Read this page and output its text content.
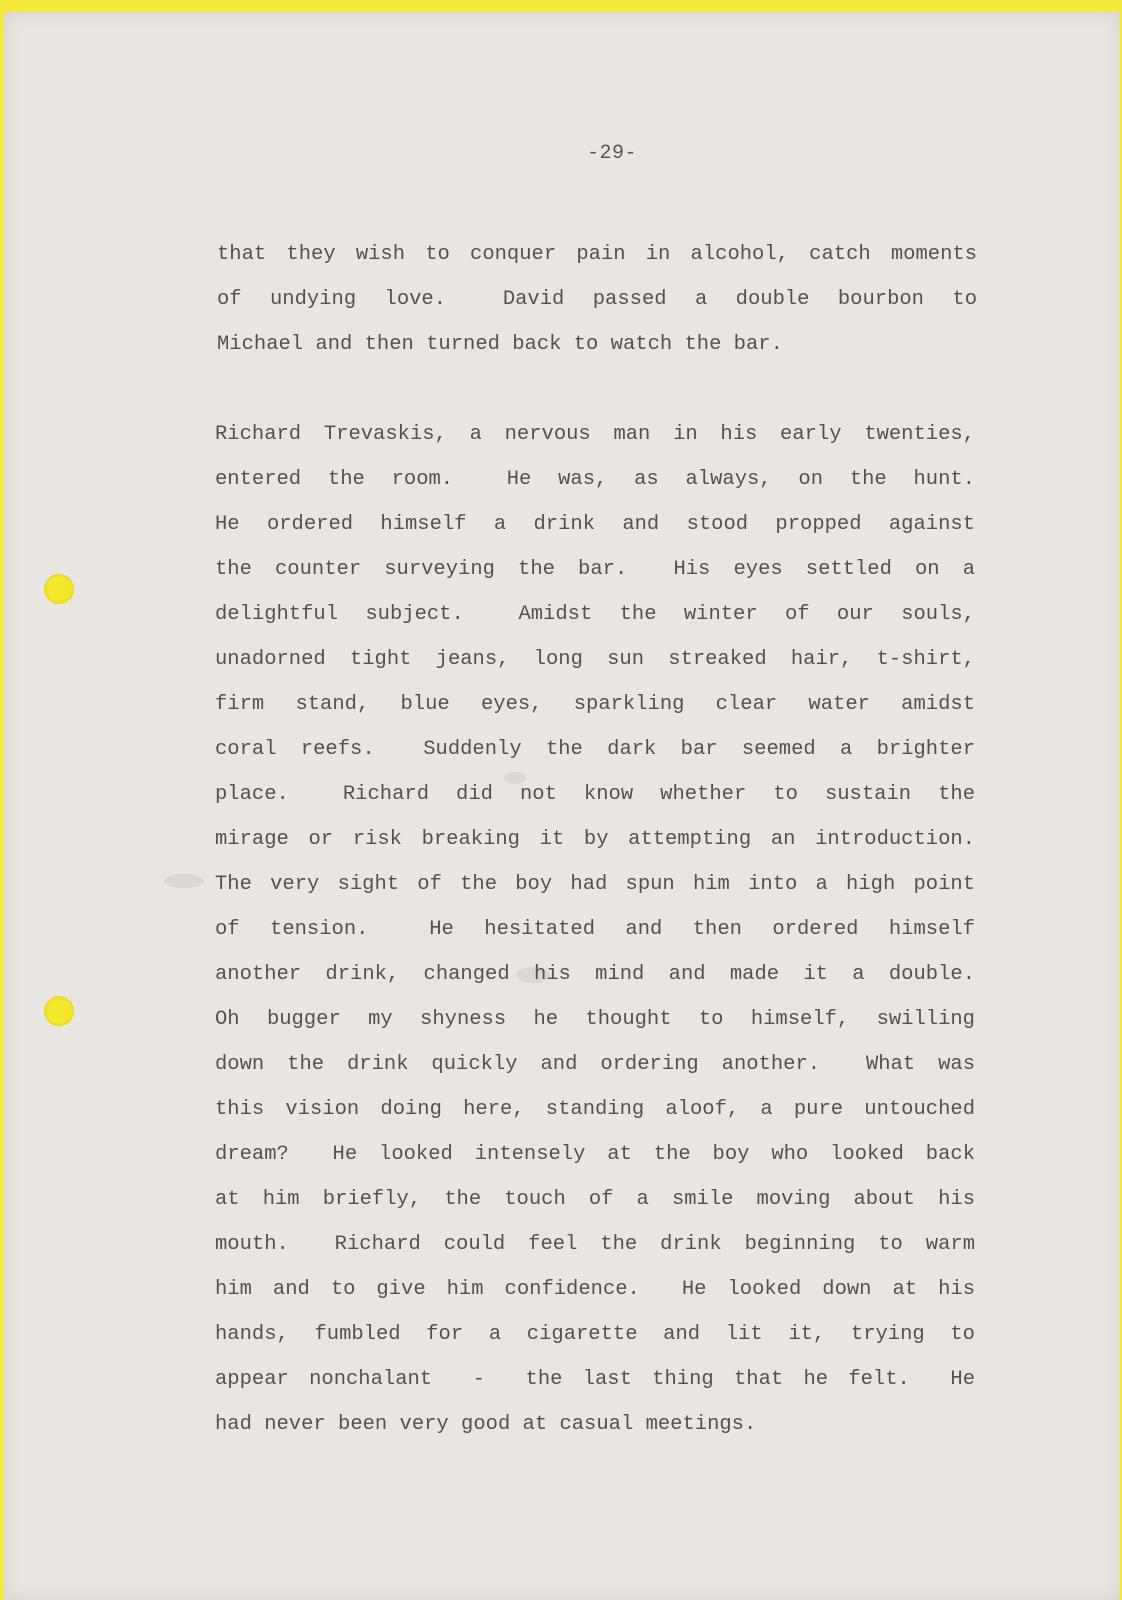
-29-
that they wish to conquer pain in alcohol, catch moments
of undying love.  David passed a double bourbon to
Michael and then turned back to watch the bar.
Richard Trevaskis, a nervous man in his early twenties,
entered the room.  He was, as always, on the hunt.
He ordered himself a drink and stood propped against
the counter surveying the bar.  His eyes settled on a
delightful subject.  Amidst the winter of our souls,
unadorned tight jeans, long sun streaked hair, t-shirt,
firm stand, blue eyes, sparkling clear water amidst
coral reefs.  Suddenly the dark bar seemed a brighter
place.  Richard did not know whether to sustain the
mirage or risk breaking it by attempting an introduction.
The very sight of the boy had spun him into a high point
of tension.  He hesitated and then ordered himself
another drink, changed his mind and made it a double.
Oh bugger my shyness he thought to himself, swilling
down the drink quickly and ordering another.  What was
this vision doing here, standing aloof, a pure untouched
dream?  He looked intensely at the boy who looked back
at him briefly, the touch of a smile moving about his
mouth.  Richard could feel the drink beginning to warm
him and to give him confidence.  He looked down at his
hands, fumbled for a cigarette and lit it, trying to
appear nonchalant  -  the last thing that he felt.  He
had never been very good at casual meetings.
